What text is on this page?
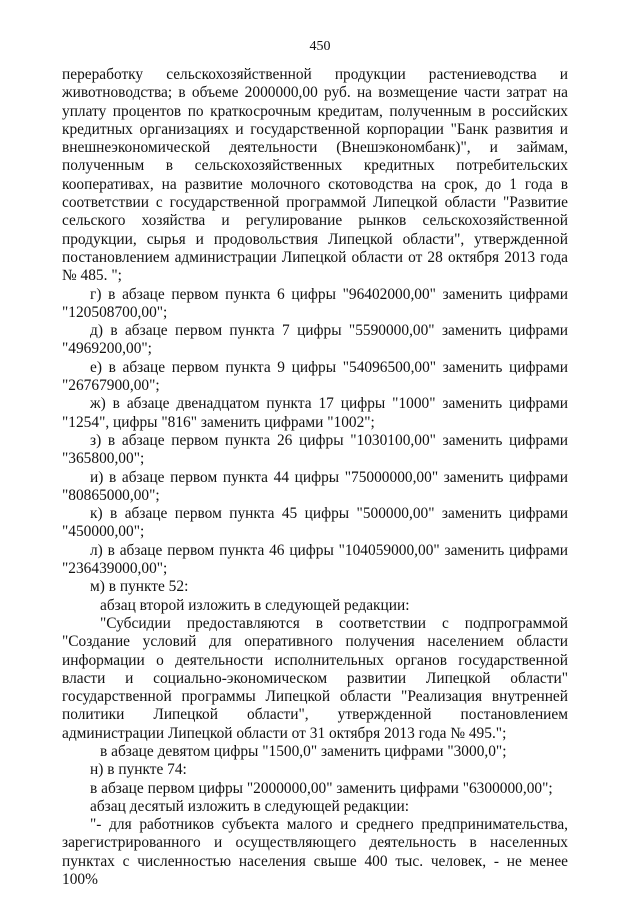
450

переработку сельскохозяйственной продукции растениеводства и животноводства; в объеме 2000000,00 руб. на возмещение части затрат на уплату процентов по краткосрочным кредитам, полученным в российских кредитных организациях и государственной корпорации "Банк развития и внешнеэкономической деятельности (Внешэкономбанк)", и займам, полученным в сельскохозяйственных кредитных потребительских кооперативах, на развитие молочного скотоводства на срок, до 1 года в соответствии с государственной программой Липецкой области "Развитие сельского хозяйства и регулирование рынков сельскохозяйственной продукции, сырья и продовольствия Липецкой области", утвержденной постановлением администрации Липецкой области от 28 октября 2013 года № 485. ";

г) в абзаце первом пункта 6 цифры "96402000,00" заменить цифрами "120508700,00";

д) в абзаце первом пункта 7 цифры "5590000,00" заменить цифрами "4969200,00";

е) в абзаце первом пункта 9 цифры "54096500,00" заменить цифрами "26767900,00";

ж) в абзаце двенадцатом пункта 17 цифры "1000" заменить цифрами "1254", цифры "816" заменить цифрами "1002";

з) в абзаце первом пункта 26 цифры "1030100,00" заменить цифрами "365800,00";

и) в абзаце первом пункта 44 цифры "75000000,00" заменить цифрами "80865000,00";

к) в абзаце первом пункта 45 цифры "500000,00" заменить цифрами "450000,00";

л) в абзаце первом пункта 46 цифры "104059000,00" заменить цифрами "236439000,00";

м) в пункте 52:

абзац второй изложить в следующей редакции:

"Субсидии предоставляются в соответствии с подпрограммой "Создание условий для оперативного получения населением области информации о деятельности исполнительных органов государственной власти и социально-экономическом развитии Липецкой области" государственной программы Липецкой области "Реализация внутренней политики Липецкой области", утвержденной постановлением администрации Липецкой области от 31 октября 2013 года № 495.";

в абзаце девятом цифры "1500,0" заменить цифрами "3000,0";

н) в пункте 74:

в абзаце первом цифры "2000000,00" заменить цифрами "6300000,00";

абзац десятый изложить в следующей редакции:

"- для работников субъекта малого и среднего предпринимательства, зарегистрированного и осуществляющего деятельность в населенных пунктах с численностью населения свыше 400 тыс. человек, - не менее 100%
